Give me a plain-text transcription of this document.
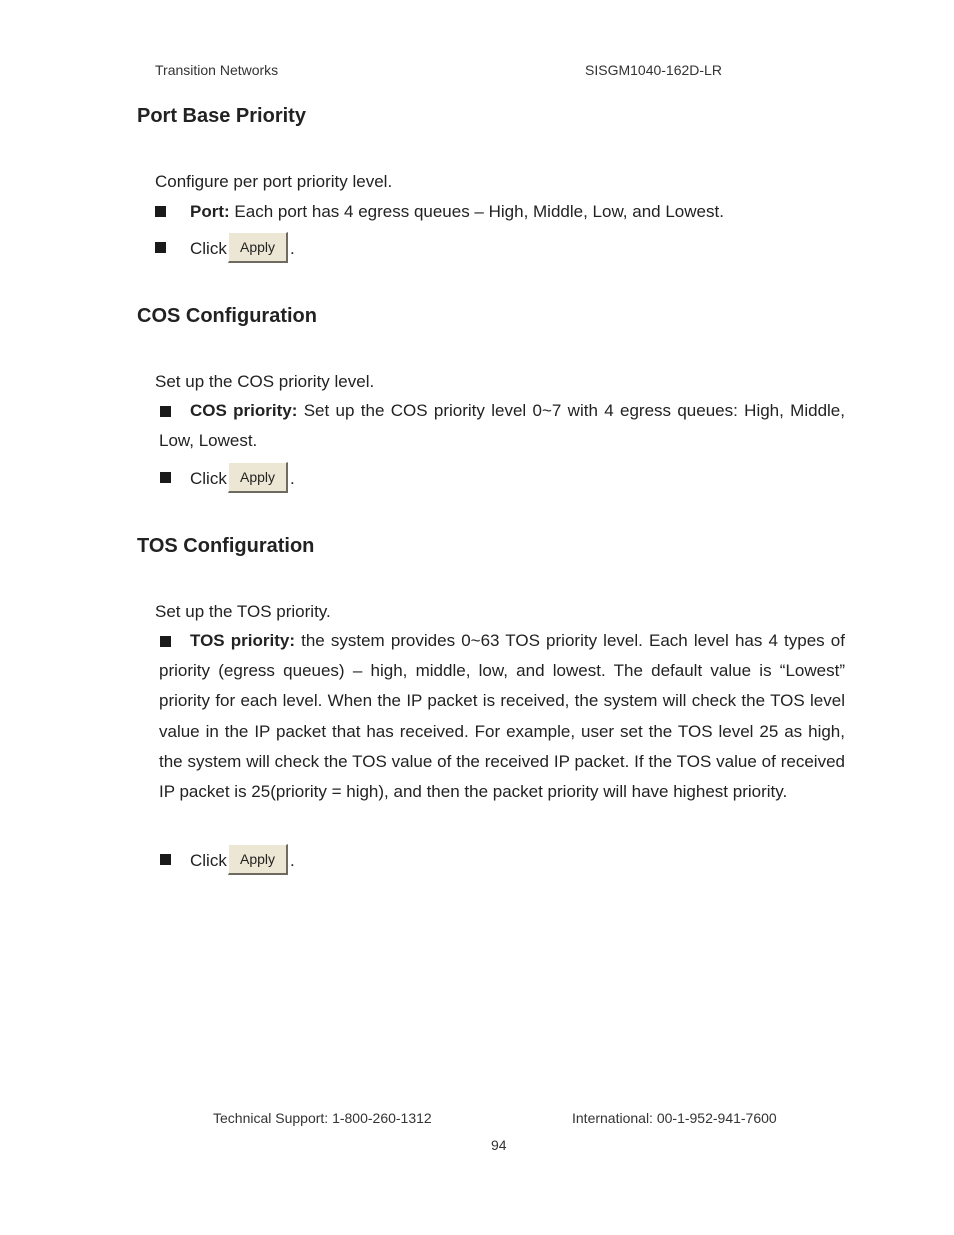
Transition Networks	SISGM1040-162D-LR
Port Base Priority
Configure per port priority level.
Port: Each port has 4 egress queues – High, Middle, Low, and Lowest.
Click Apply .
COS Configuration
Set up the COS priority level.
COS priority: Set up the COS priority level 0~7 with 4 egress queues: High, Middle, Low, Lowest.
Click Apply .
TOS Configuration
Set up the TOS priority.
TOS priority: the system provides 0~63 TOS priority level. Each level has 4 types of priority (egress queues) – high, middle, low, and lowest. The default value is “Lowest” priority for each level. When the IP packet is received, the system will check the TOS level value in the IP packet that has received. For example, user set the TOS level 25 as high, the system will check the TOS value of the received IP packet. If the TOS value of received IP packet is 25(priority = high), and then the packet priority will have highest priority.
Click Apply .
Technical Support: 1-800-260-1312	International: 00-1-952-941-7600
94
